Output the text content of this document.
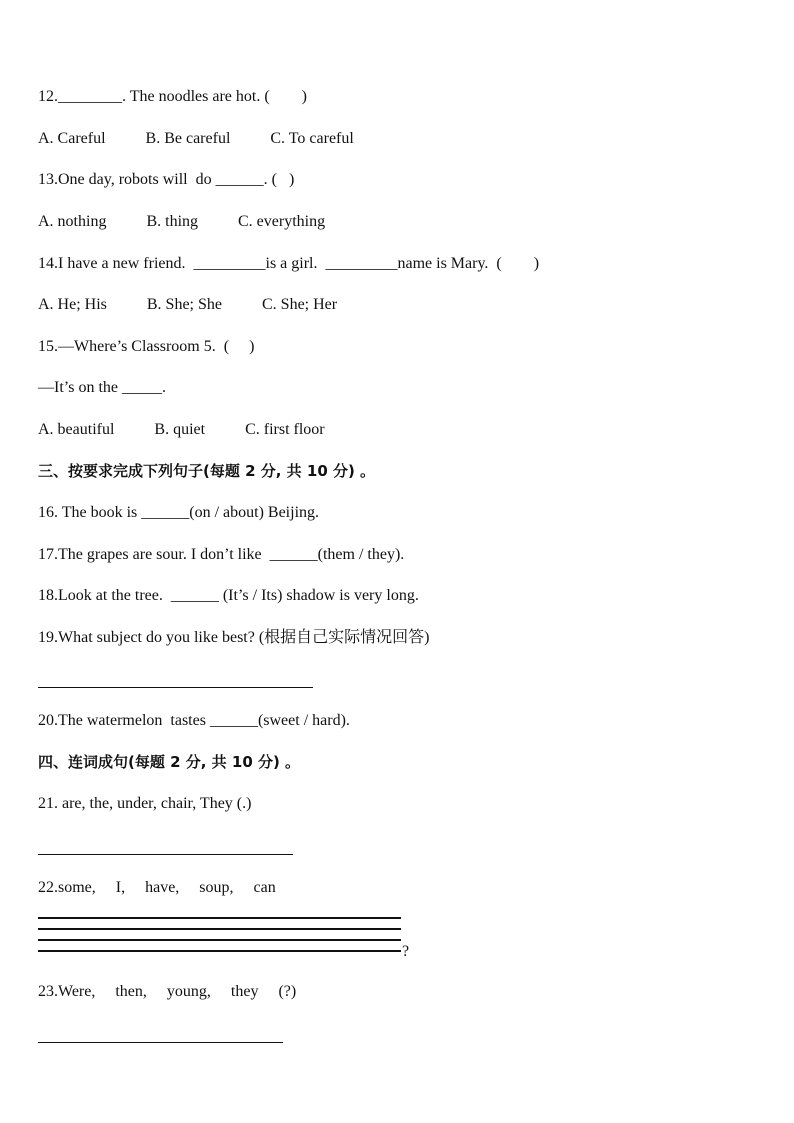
12.________. The noodles are hot. (        )
A. Careful          B. Be careful          C. To careful
13.One day, robots will  do ______. (   )
A. nothing          B. thing          C. everything
14.I have a new friend.  _________is a girl.  _________name is Mary.  (        )
A. He; His          B. She; She          C. She; Her
15.—Where’s Classroom 5.  (     )
—It’s on the _____.
A. beautiful          B. quiet          C. first floor
三、按要求完成下列句子(每题 2 分, 共 10 分) 。
16. The book is ______(on / about) Beijing.
17.The grapes are sour. I don’t like  ______(them / they).
18.Look at the tree.  ______ (It’s / Its) shadow is very long.
19.What subject do you like best? (根据自己实际情况回答)
20.The watermelon  tastes ______(sweet / hard).
四、连词成句(每题 2 分, 共 10 分) 。
21. are, the, under, chair, They (.)
22.some,     I,     have,     soup,     can
?
23.Were,     then,     young,     they     (?)
